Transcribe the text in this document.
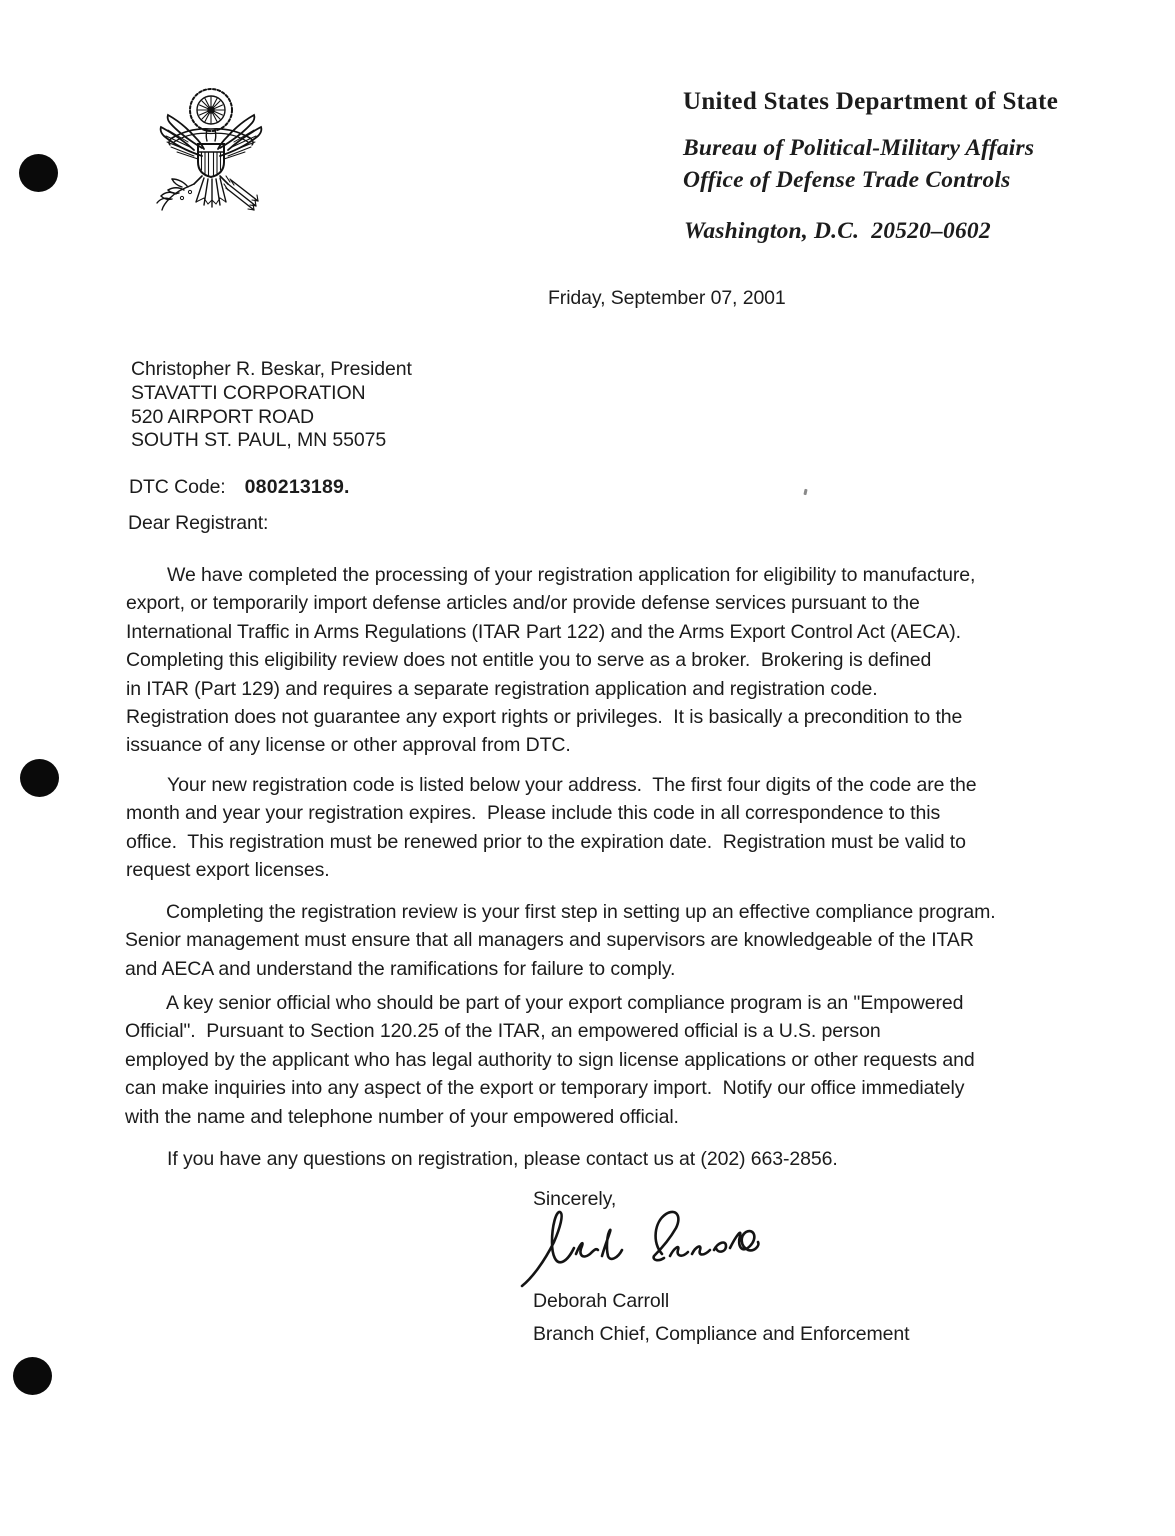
United States Department of State
Bureau of Political-Military Affairs
Office of Defense Trade Controls
Washington, D.C.  20520–0602
Friday, September 07, 2001
Christopher R. Beskar, President
STAVATTI CORPORATION
520 AIRPORT ROAD
SOUTH ST. PAUL, MN 55075
DTC Code: 080213189.
Dear Registrant:
We have completed the processing of your registration application for eligibility to manufacture,
export, or temporarily import defense articles and/or provide defense services pursuant to the
International Traffic in Arms Regulations (ITAR Part 122) and the Arms Export Control Act (AECA).
Completing this eligibility review does not entitle you to serve as a broker.  Brokering is defined
in ITAR (Part 129) and requires a separate registration application and registration code.
Registration does not guarantee any export rights or privileges.  It is basically a precondition to the
issuance of any license or other approval from DTC.
Your new registration code is listed below your address.  The first four digits of the code are the
month and year your registration expires.  Please include this code in all correspondence to this
office.  This registration must be renewed prior to the expiration date.  Registration must be valid to
request export licenses.
Completing the registration review is your first step in setting up an effective compliance program.
Senior management must ensure that all managers and supervisors are knowledgeable of the ITAR
and AECA and understand the ramifications for failure to comply.
A key senior official who should be part of your export compliance program is an "Empowered
Official".  Pursuant to Section 120.25 of the ITAR, an empowered official is a U.S. person
employed by the applicant who has legal authority to sign license applications or other requests and
can make inquiries into any aspect of the export or temporary import.  Notify our office immediately
with the name and telephone number of your empowered official.
If you have any questions on registration, please contact us at (202) 663-2856.
Sincerely,
Deborah Carroll
Branch Chief, Compliance and Enforcement
